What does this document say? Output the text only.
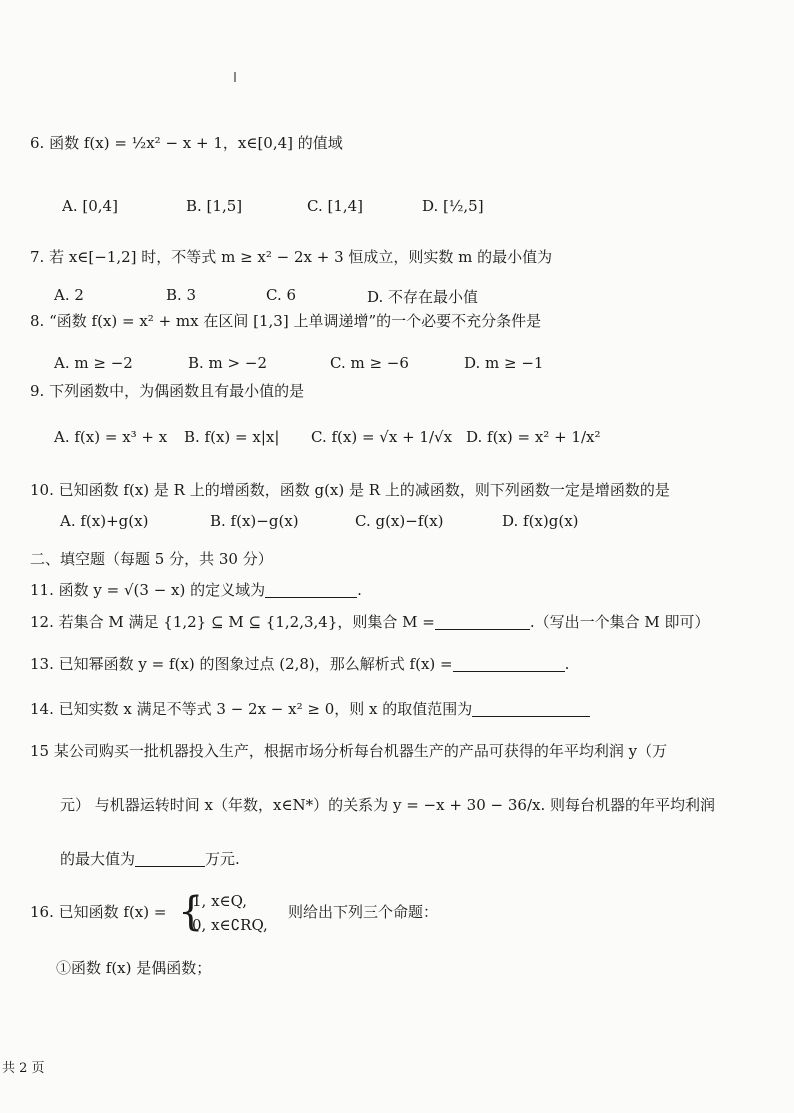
6. 函数 f(x) = ½x² − x + 1，x∈[0,4] 的值域
A. [0,4]	B. [1,5]	C. [1,4]	D. [½,5]
7. 若 x∈[−1,2] 时，不等式 m ≥ x² − 2x + 3 恒成立，则实数 m 的最小值为
A. 2	B. 3	C. 6	D. 不存在最小值
8. “函数 f(x) = x² + mx 在区间 [1,3] 上单调递增”的一个必要不充分条件是
A. m ≥ −2	B. m > −2	C. m ≥ −6	D. m ≥ −1
9. 下列函数中，为偶函数且有最小值的是
A. f(x) = x³ + x B. f(x) = x|x| C. f(x) = √x + 1/√x D. f(x) = x² + 1/x²
10. 已知函数 f(x) 是 R 上的增函数，函数 g(x) 是 R 上的减函数，则下列函数一定是增函数的是
A. f(x)+g(x)	B. f(x)−g(x)	C. g(x)−f(x)	D. f(x)g(x)
二、填空题（每题 5 分，共 30 分）
11. 函数 y = √(3 − x) 的定义域为	.
12. 若集合 M 满足 {1,2} ⊆ M ⊆ {1,2,3,4}，则集合 M =	.（写出一个集合 M 即可）
13. 已知幂函数 y = f(x) 的图象过点 (2,8)，那么解析式 f(x) =	.
14. 已知实数 x 满足不等式 3 − 2x − x² ≥ 0，则 x 的取值范围为
15 某公司购买一批机器投入生产，根据市场分析每台机器生产的产品可获得的年平均利润 y（万
元） 与机器运转时间 x（年数，x∈N*）的关系为 y = −x + 30 − 36/x. 则每台机器的年平均利润
的最大值为	万元.
16. 已知函数 f(x) = {
1, x∈Q,
0, x∈∁RQ,
则给出下列三个命题：
①函数 f(x) 是偶函数；
共 2 页
